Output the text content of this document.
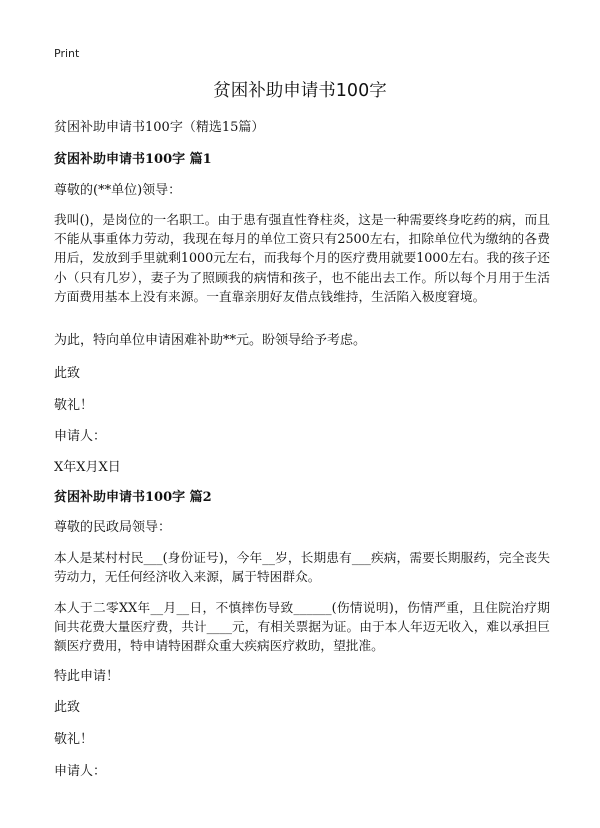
Print
贫困补助申请书100字
贫困补助申请书100字（精选15篇）
贫困补助申请书100字 篇1
尊敬的(**单位)领导：
我叫()，是岗位的一名职工。由于患有强直性脊柱炎，这是一种需要终身吃药的病，而且不能从事重体力劳动，我现在每月的单位工资只有2500左右，扣除单位代为缴纳的各费用后，发放到手里就剩1000元左右，而我每个月的医疗费用就要1000左右。我的孩子还小（只有几岁），妻子为了照顾我的病情和孩子，也不能出去工作。所以每个月用于生活方面费用基本上没有来源。一直靠亲朋好友借点钱维持，生活陷入极度窘境。
为此，特向单位申请困难补助**元。盼领导给予考虑。
此致
敬礼！
申请人：
X年X月X日
贫困补助申请书100字 篇2
尊敬的民政局领导：
本人是某村村民___(身份证号)，今年__岁，长期患有___疾病，需要长期服药，完全丧失劳动力，无任何经济收入来源，属于特困群众。
本人于二零XX年__月__日，不慎摔伤导致______(伤情说明)，伤情严重，且住院治疗期间共花费大量医疗费，共计____元，有相关票据为证。由于本人年迈无收入，难以承担巨额医疗费用，特申请特困群众重大疾病医疗救助，望批准。
特此申请！
此致
敬礼！
申请人：
